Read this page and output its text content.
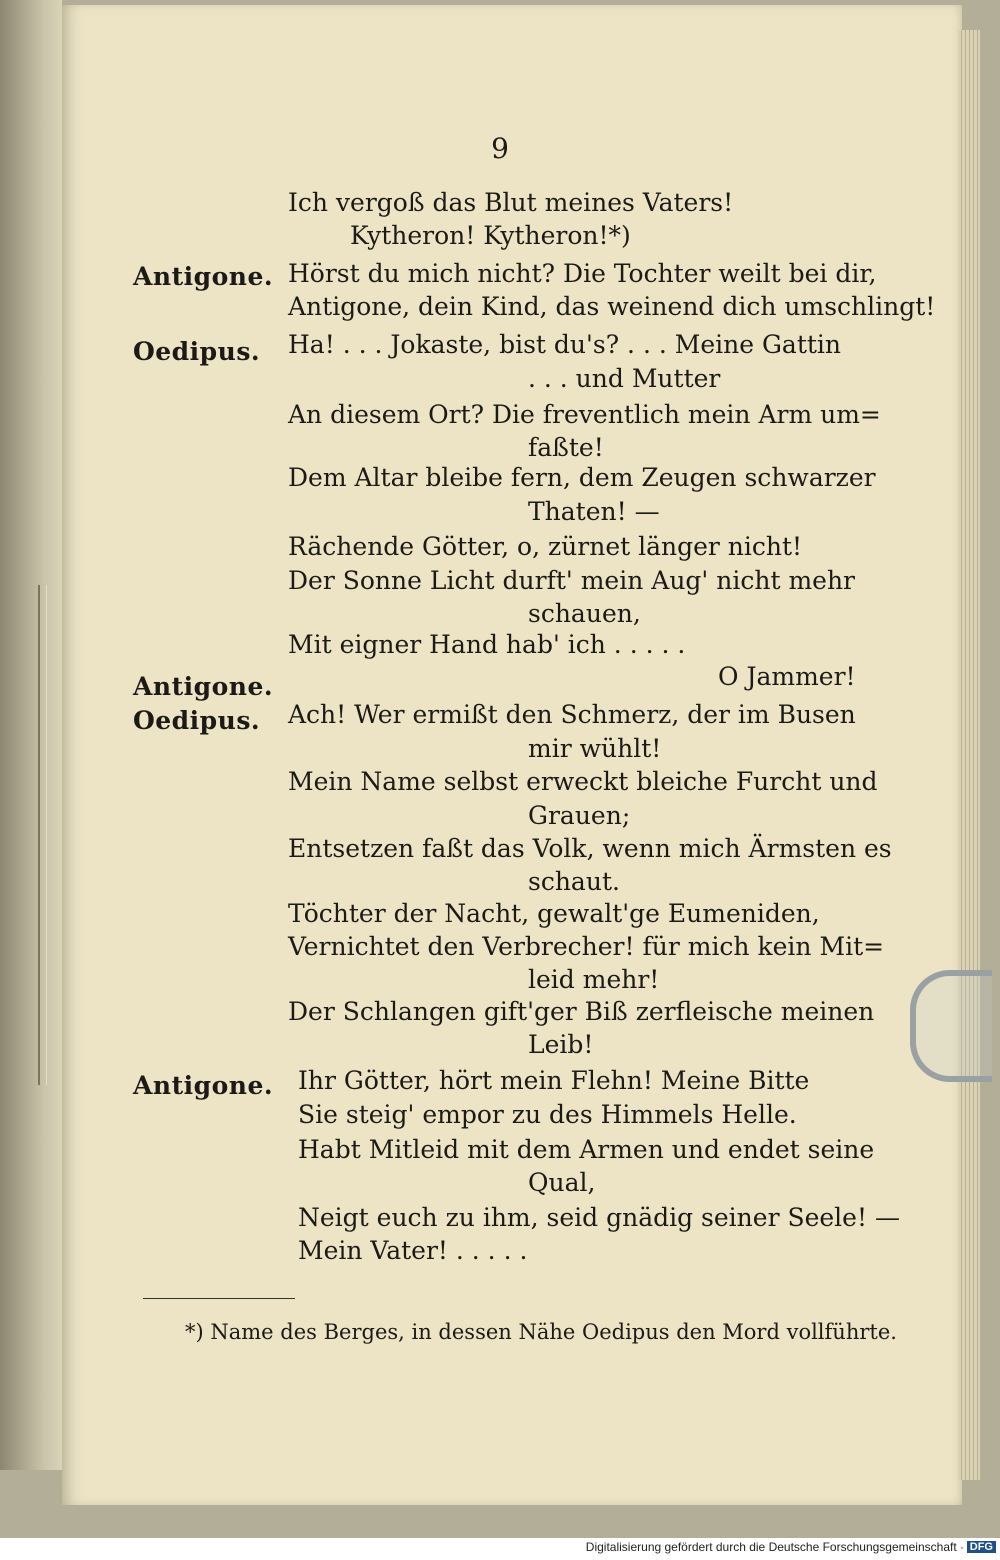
9
Antigone.
Oedipus.
Antigone.
Oedipus.
Antigone.
Ich vergoß das Blut meines Vaters!
Kytheron! Kytheron!*)
Hörst du mich nicht? Die Tochter weilt bei dir,
Antigone, dein Kind, das weinend dich umschlingt!
Ha! . . . Jokaste, bist du's? . . . Meine Gattin
. . . und Mutter
An diesem Ort? Die freventlich mein Arm um=
faßte!
Dem Altar bleibe fern, dem Zeugen schwarzer
Thaten! —
Rächende Götter, o, zürnet länger nicht!
Der Sonne Licht durft' mein Aug' nicht mehr
schauen,
Mit eigner Hand hab' ich . . . . .
O Jammer!
Ach! Wer ermißt den Schmerz, der im Busen
mir wühlt!
Mein Name selbst erweckt bleiche Furcht und
Grauen;
Entsetzen faßt das Volk, wenn mich Ärmsten es
schaut.
Töchter der Nacht, gewalt'ge Eumeniden,
Vernichtet den Verbrecher! für mich kein Mit=
leid mehr!
Der Schlangen gift'ger Biß zerfleische meinen
Leib!
Ihr Götter, hört mein Flehn! Meine Bitte
Sie steig' empor zu des Himmels Helle.
Habt Mitleid mit dem Armen und endet seine
Qual,
Neigt euch zu ihm, seid gnädig seiner Seele! —
Mein Vater! . . . . .
*) Name des Berges, in dessen Nähe Oedipus den Mord vollführte.
Digitalisierung gefördert durch die Deutsche Forschungsgemeinschaft · DFG
